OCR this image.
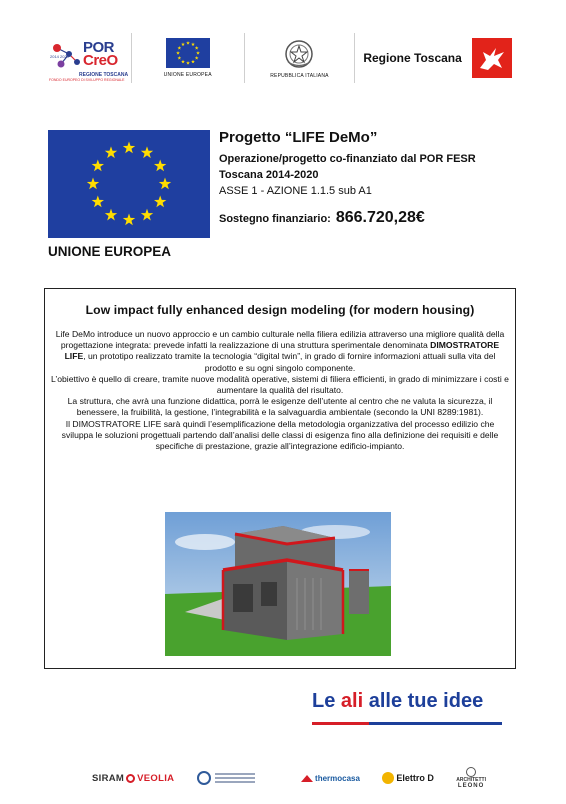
2014 2020
POR
CreO
REGIONE TOSCANA
FONDO EUROPEO DI SVILUPPO REGIONALE
UNIONE EUROPEA	REPUBBLICA ITALIANA
Regione Toscana
UNIONE EUROPEA
Progetto “LIFE DeMo”
Operazione/progetto co-finanziato dal POR FESR
Toscana 2014-2020
ASSE 1 - AZIONE 1.1.5 sub A1
Sostegno finanziario: 866.720,28€
Low impact fully enhanced design modeling (for modern housing)

Life DeMo introduce un nuovo approccio e un cambio culturale nella filiera edilizia attraverso una migliore qualità della progettazione integrata: prevede infatti la realizzazione di una struttura sperimentale denominata DIMOSTRATORE LIFE, un prototipo realizzato tramite la tecnologia “digital twin”, in grado di fornire informazioni attuali sulla vita del prodotto e su ogni singolo componente.

L’obiettivo è quello di creare, tramite nuove modalità operative, sistemi di filiera efficienti, in grado di minimizzare i costi e aumentare la qualità del risultato.

La struttura, che avrà una funzione didattica, porrà le esigenze dell’utente al centro che ne valuta la sicurezza, il benessere, la fruibilità, la gestione, l’integrabilità e la salvaguardia ambientale (secondo la UNI 8289:1981).

Il DIMOSTRATORE LIFE sarà quindi l’esemplificazione della metodologia organizzativa del processo edilizio che sviluppa le soluzioni progettuali partendo dall’analisi delle classi di esigenza fino alla definizione dei requisiti e delle specifiche di prestazione, grazie all’integrazione edificio-impianto.

Le ali alle tue idee
SIRAM VEOLIA	thermocasa	Elettro D	ARCHITETTI
LEONO
